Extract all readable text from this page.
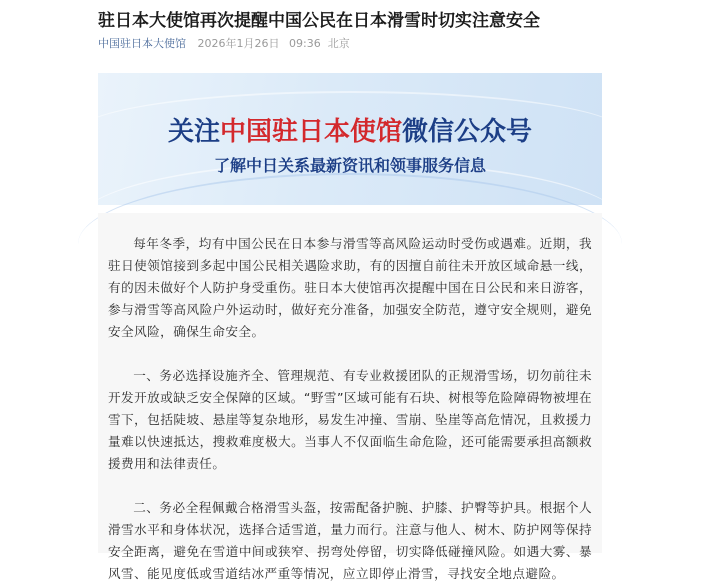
驻日本大使馆再次提醒中国公民在日本滑雪时切实注意安全
中国驻日本大使馆 2026年1月26日 09:36 北京
关注中国驻日本使馆微信公众号
了解中日关系最新资讯和领事服务信息

每年冬季，均有中国公民在日本参与滑雪等高风险运动时受伤或遇难。近期，我驻日使领馆接到多起中国公民相关遇险求助，有的因擅自前往未开放区域命悬一线，有的因未做好个人防护身受重伤。驻日本大使馆再次提醒中国在日公民和来日游客，参与滑雪等高风险户外运动时，做好充分准备，加强安全防范，遵守安全规则，避免安全风险，确保生命安全。

一、务必选择设施齐全、管理规范、有专业救援团队的正规滑雪场，切勿前往未开发开放或缺乏安全保障的区域。“野雪”区域可能有石块、树根等危险障碍物被埋在雪下，包括陡坡、悬崖等复杂地形，易发生冲撞、雪崩、坠崖等高危情况，且救援力量难以快速抵达，搜救难度极大。当事人不仅面临生命危险，还可能需要承担高额救援费用和法律责任。

二、务必全程佩戴合格滑雪头盔，按需配备护腕、护膝、护臀等护具。根据个人滑雪水平和身体状况，选择合适雪道，量力而行。注意与他人、树木、防护网等保持安全距离，避免在雪道中间或狭窄、拐弯处停留，切实降低碰撞风险。如遇大雾、暴风雪、能见度低或雪道结冰严重等情况，应立即停止滑雪，寻找安全地点避险。
